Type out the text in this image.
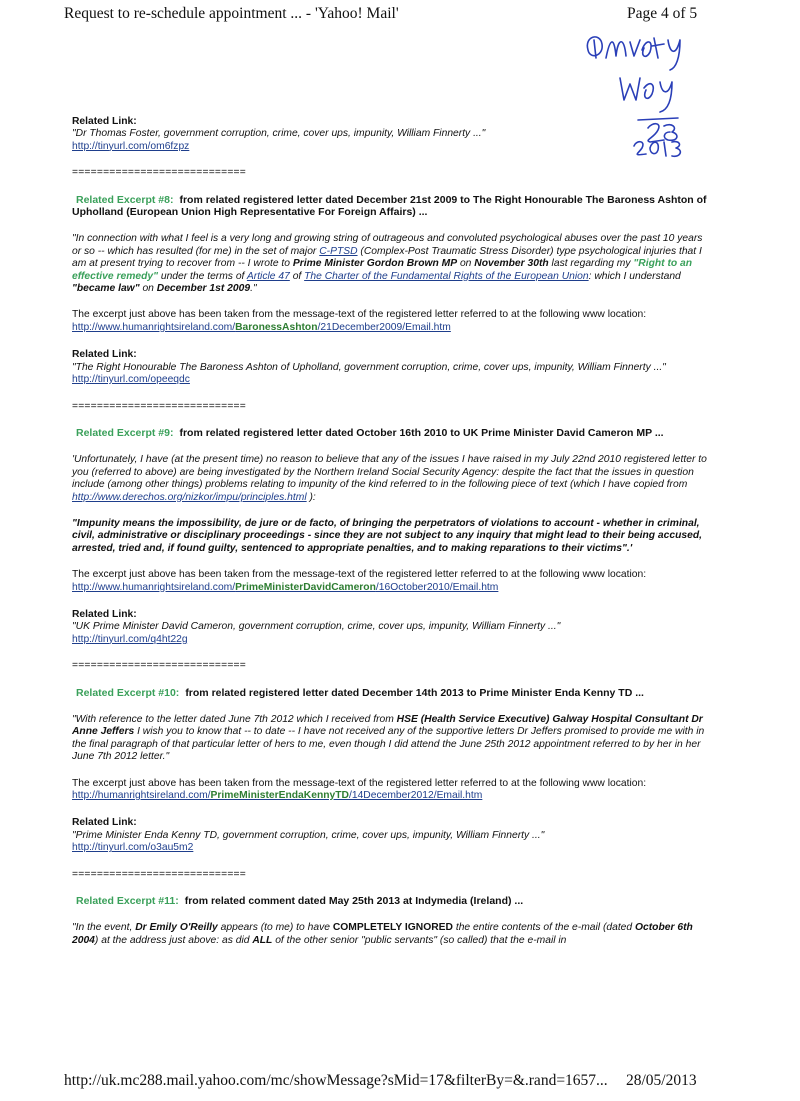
Request to re-schedule appointment ... - 'Yahoo! Mail'	Page 4 of 5
Related Link:
"Dr Thomas Foster, government corruption, crime, cover ups, impunity, William Finnerty ..."
http://tinyurl.com/om6fzpz
============================
Related Excerpt #8: from related registered letter dated December 21st 2009 to The Right Honourable The Baroness Ashton of Upholland (European Union High Representative For Foreign Affairs) ...
"In connection with what I feel is a very long and growing string of outrageous and convoluted psychological abuses over the past 10 years or so -- which has resulted (for me) in the set of major C-PTSD (Complex-Post Traumatic Stress Disorder) type psychological injuries that I am at present trying to recover from -- I wrote to Prime Minister Gordon Brown MP on November 30th last regarding my "Right to an effective remedy" under the terms of Article 47 of The Charter of the Fundamental Rights of the European Union: which I understand "became law" on December 1st 2009."
The excerpt just above has been taken from the message-text of the registered letter referred to at the following www location:
http://www.humanrightsireland.com/BaronessAshton/21December2009/Email.htm
Related Link:
"The Right Honourable The Baroness Ashton of Upholland, government corruption, crime, cover ups, impunity, William Finnerty ..."
http://tinyurl.com/opeeqdc
============================
Related Excerpt #9: from related registered letter dated October 16th 2010 to UK Prime Minister David Cameron MP ...
'Unfortunately, I have (at the present time) no reason to believe that any of the issues I have raised in my July 22nd 2010 registered letter to you (referred to above) are being investigated by the Northern Ireland Social Security Agency: despite the fact that the issues in question include (among other things) problems relating to impunity of the kind referred to in the following piece of text (which I have copied from http://www.derechos.org/nizkor/impu/principles.html ):
"Impunity means the impossibility, de jure or de facto, of bringing the perpetrators of violations to account - whether in criminal, civil, administrative or disciplinary proceedings - since they are not subject to any inquiry that might lead to their being accused, arrested, tried and, if found guilty, sentenced to appropriate penalties, and to making reparations to their victims".'
The excerpt just above has been taken from the message-text of the registered letter referred to at the following www location:
http://www.humanrightsireland.com/PrimeMinisterDavidCameron/16October2010/Email.htm
Related Link:
"UK Prime Minister David Cameron, government corruption, crime, cover ups, impunity, William Finnerty ..."
http://tinyurl.com/q4ht22g
============================
Related Excerpt #10: from related registered letter dated December 14th 2013 to Prime Minister Enda Kenny TD ...
"With reference to the letter dated June 7th 2012 which I received from HSE (Health Service Executive) Galway Hospital Consultant Dr Anne Jeffers I wish you to know that -- to date -- I have not received any of the supportive letters Dr Jeffers promised to provide me with in the final paragraph of that particular letter of hers to me, even though I did attend the June 25th 2012 appointment referred to by her in her June 7th 2012 letter."
The excerpt just above has been taken from the message-text of the registered letter referred to at the following www location:
http://humanrightsireland.com/PrimeMinisterEndaKennyTD/14December2012/Email.htm
Related Link:
"Prime Minister Enda Kenny TD, government corruption, crime, cover ups, impunity, William Finnerty ..."
http://tinyurl.com/o3au5m2
============================
Related Excerpt #11: from related comment dated May 25th 2013 at Indymedia (Ireland) ...
"In the event, Dr Emily O'Reilly appears (to me) to have COMPLETELY IGNORED the entire contents of the e-mail (dated October 6th 2004) at the address just above: as did ALL of the other senior "public servants" (so called) that the e-mail in
http://uk.mc288.mail.yahoo.com/mc/showMessage?sMid=17&filterBy=&.rand=1657... 28/05/2013
